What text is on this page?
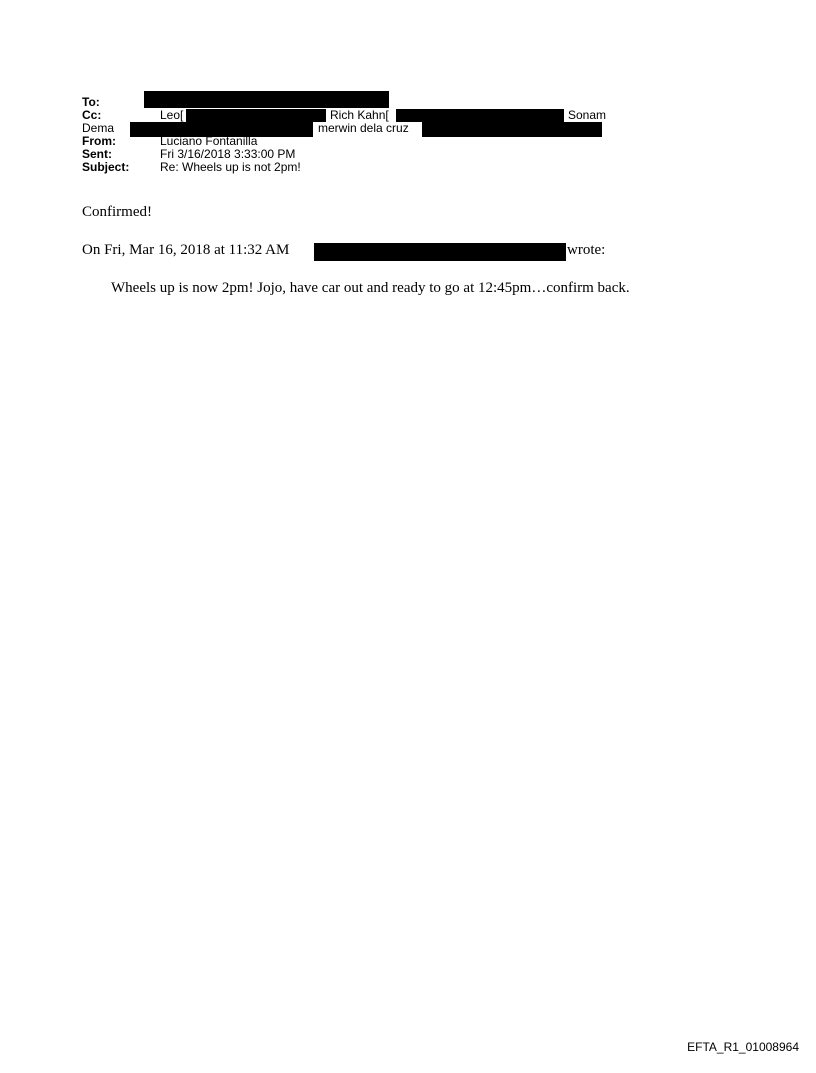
To:
Cc:	Leo[	Rich Kahn[	Sonam
Dema	merwin dela cruz
From:	Luciano Fontanilla
Sent:	Fri 3/16/2018 3:33:00 PM
Subject:	Re: Wheels up is not 2pm!
Confirmed!
On Fri, Mar 16, 2018 at 11:32 AM	wrote:
Wheels up is now 2pm! Jojo, have car out and ready to go at 12:45pm…confirm back.
EFTA_R1_01008964
